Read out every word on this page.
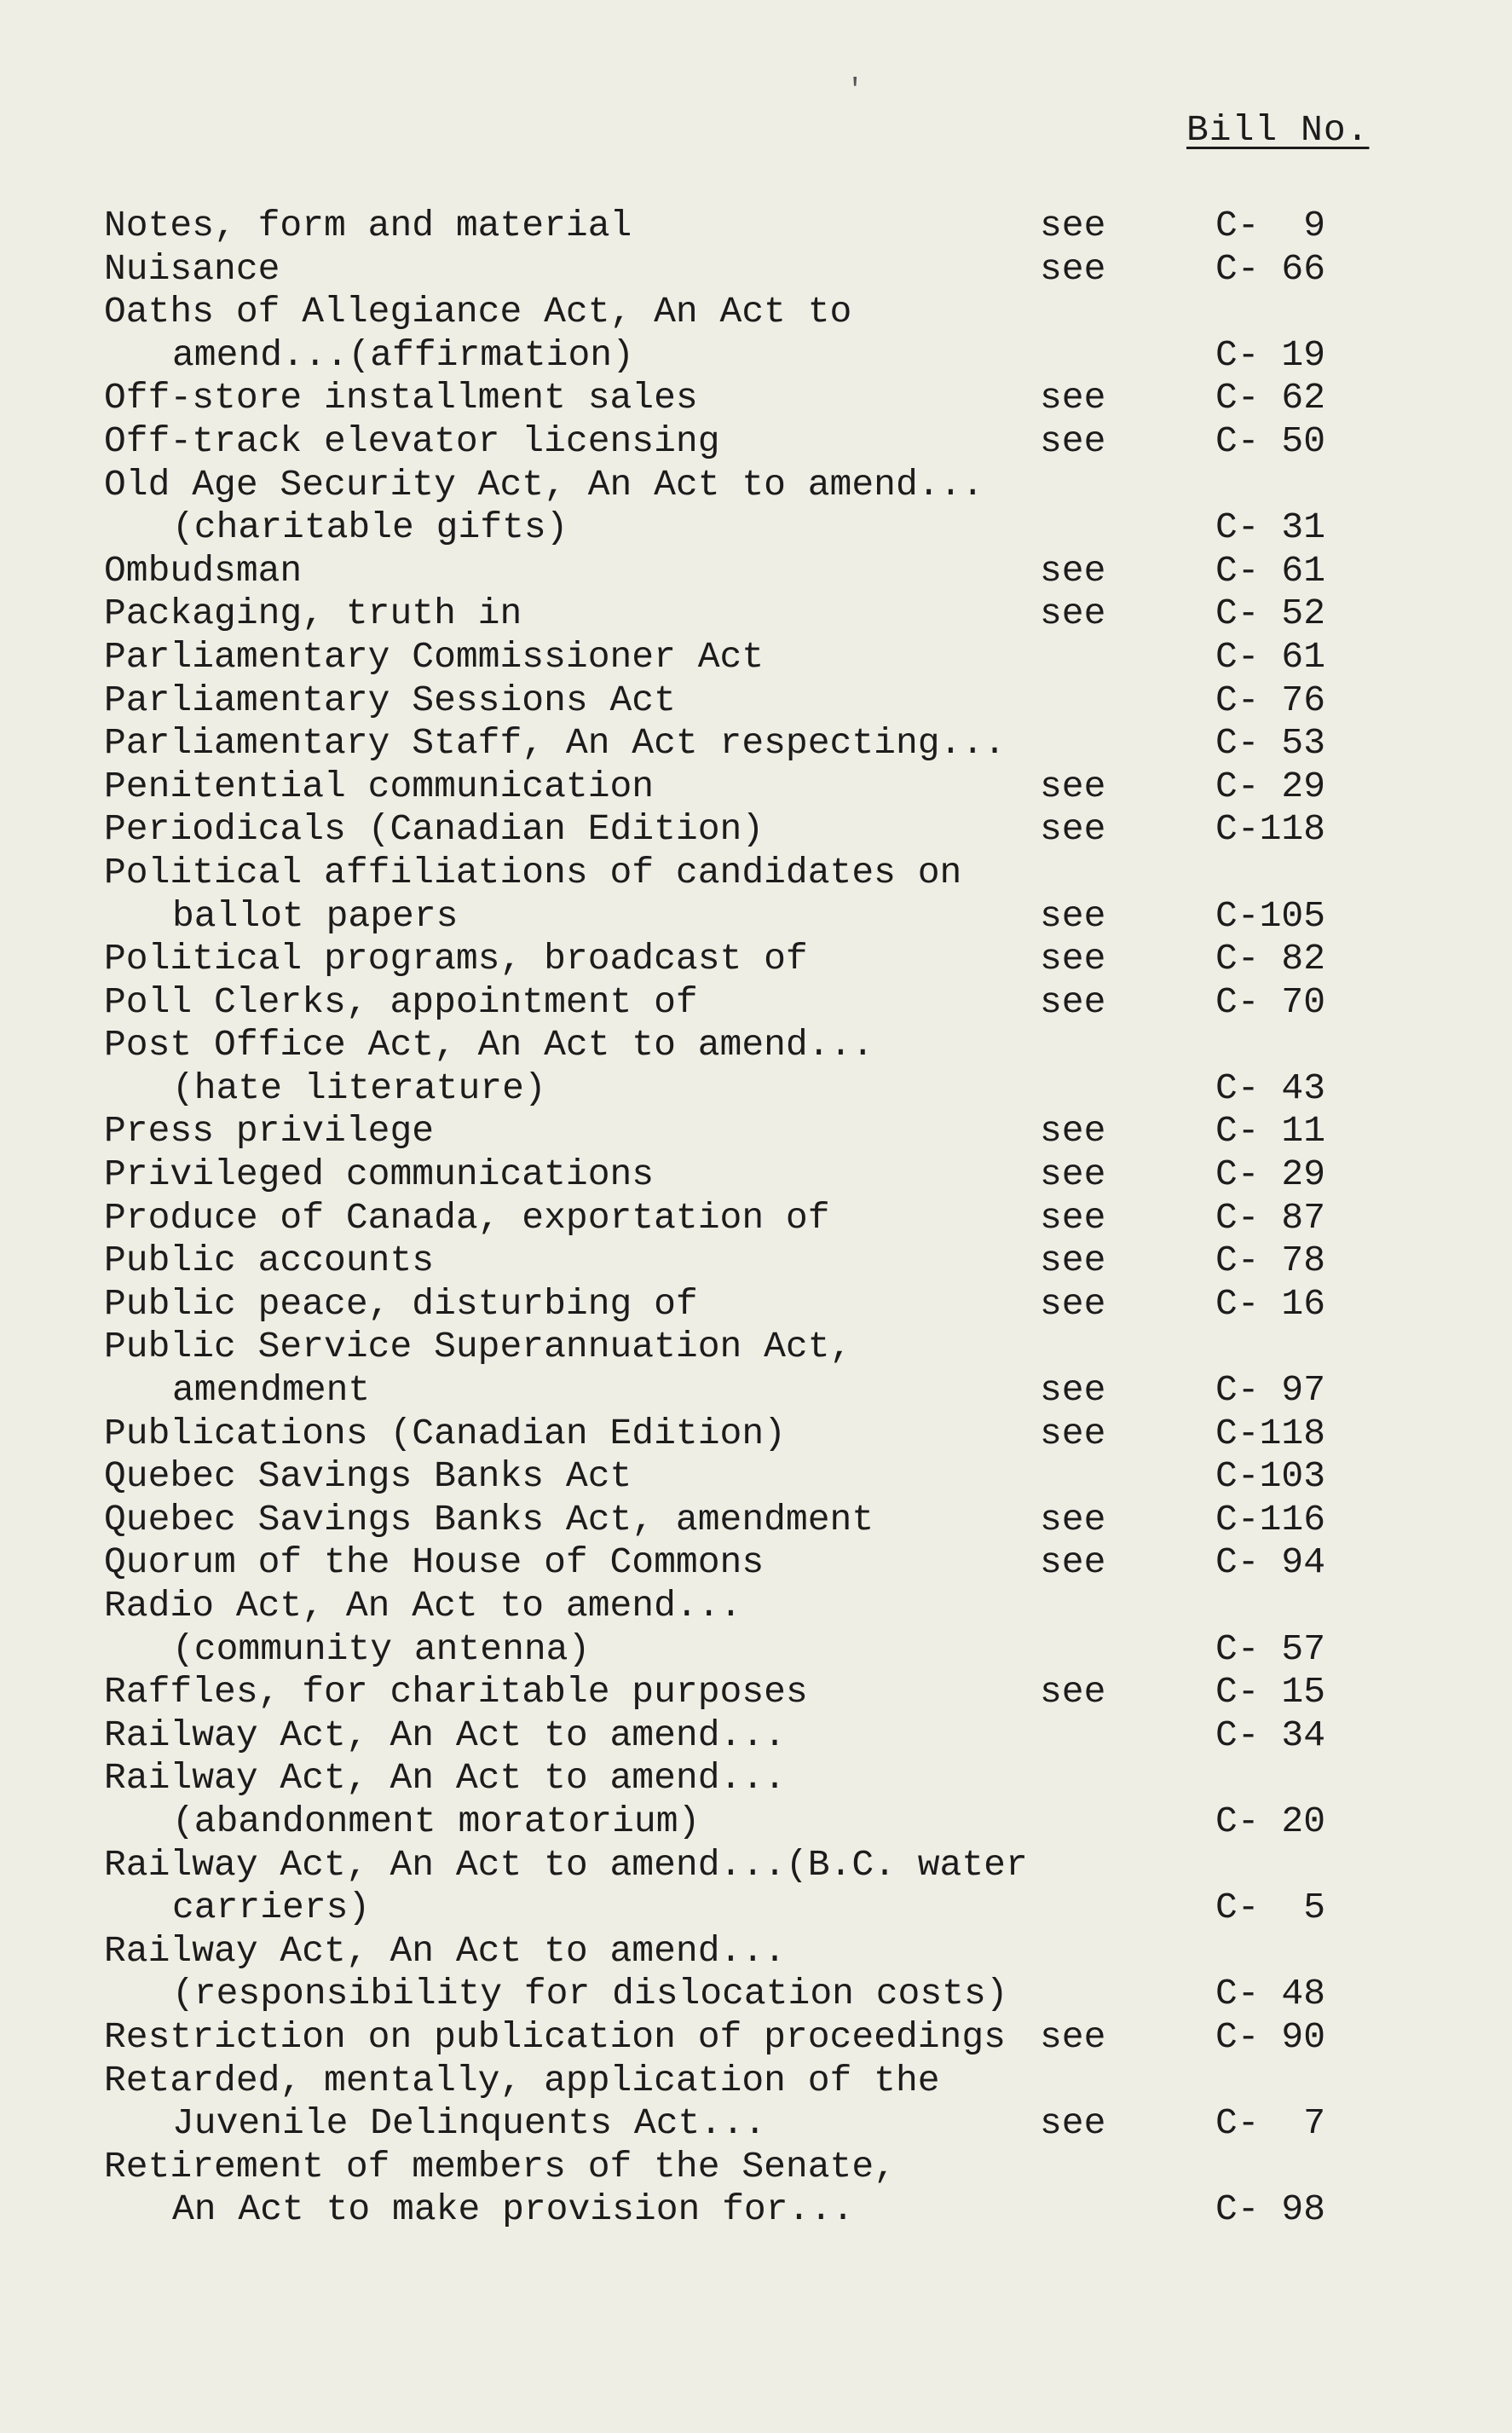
'
Bill No.
Notes, form and material	see	C-  9
Nuisance	see	C- 66
Oaths of Allegiance Act, An Act to
amend...(affirmation)	C- 19
Off-store installment sales	see	C- 62
Off-track elevator licensing	see	C- 50
Old Age Security Act, An Act to amend...
(charitable gifts)	C- 31
Ombudsman	see	C- 61
Packaging, truth in	see	C- 52
Parliamentary Commissioner Act	C- 61
Parliamentary Sessions Act	C- 76
Parliamentary Staff, An Act respecting...	C- 53
Penitential communication	see	C- 29
Periodicals (Canadian Edition)	see	C-118
Political affiliations of candidates on
ballot papers	see	C-105
Political programs, broadcast of	see	C- 82
Poll Clerks, appointment of	see	C- 70
Post Office Act, An Act to amend...
(hate literature)	C- 43
Press privilege	see	C- 11
Privileged communications	see	C- 29
Produce of Canada, exportation of	see	C- 87
Public accounts	see	C- 78
Public peace, disturbing of	see	C- 16
Public Service Superannuation Act,
amendment	see	C- 97
Publications (Canadian Edition)	see	C-118
Quebec Savings Banks Act	C-103
Quebec Savings Banks Act, amendment	see	C-116
Quorum of the House of Commons	see	C- 94
Radio Act, An Act to amend...
(community antenna)	C- 57
Raffles, for charitable purposes	see	C- 15
Railway Act, An Act to amend...	C- 34
Railway Act, An Act to amend...
(abandonment moratorium)	C- 20
Railway Act, An Act to amend...(B.C. water
carriers)	C-  5
Railway Act, An Act to amend...
(responsibility for dislocation costs)	C- 48
Restriction on publication of proceedings see	C- 90
Retarded, mentally, application of the
Juvenile Delinquents Act...	see	C-  7
Retirement of members of the Senate,
An Act to make provision for...	C- 98
